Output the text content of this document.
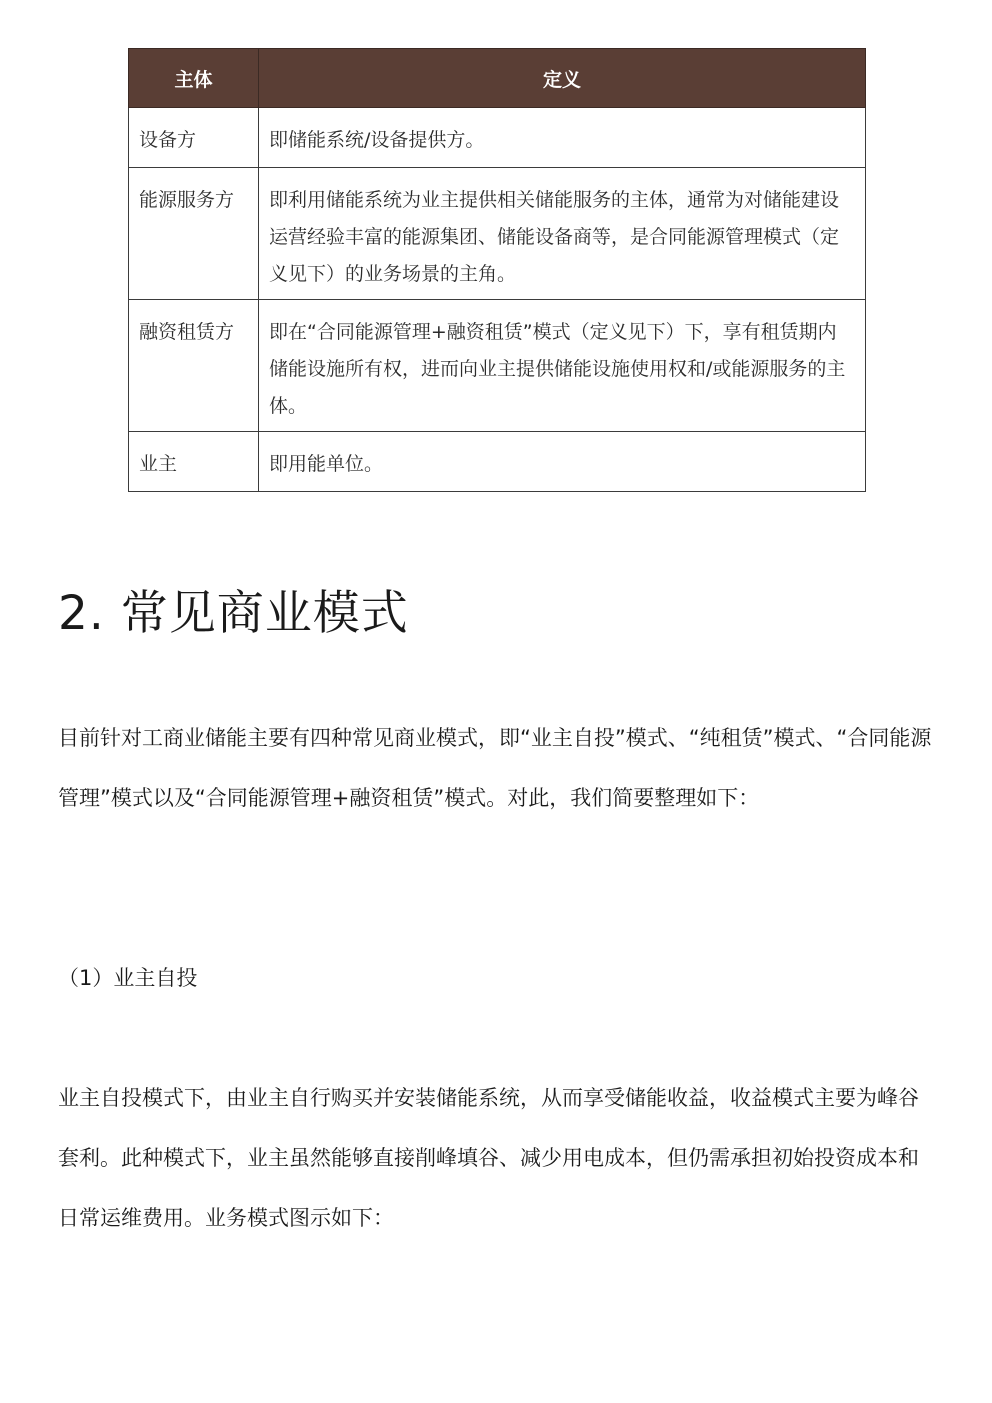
主体	定义
设备方	即储能系统/设备提供方。
能源服务方	即利用储能系统为业主提供相关储能服务的主体，通常为对储能建设运营经验丰富的能源集团、储能设备商等，是合同能源管理模式（定义见下）的业务场景的主角。
融资租赁方	即在“合同能源管理+融资租赁”模式（定义见下）下，享有租赁期内储能设施所有权，进而向业主提供储能设施使用权和/或能源服务的主体。
业主	即用能单位。
2. 常见商业模式

目前针对工商业储能主要有四种常见商业模式，即“业主自投”模式、“纯租赁”模式、“合同能源管理”模式以及“合同能源管理+融资租赁”模式。对此，我们简要整理如下：

（1）业主自投

业主自投模式下，由业主自行购买并安装储能系统，从而享受储能收益，收益模式主要为峰谷套利。此种模式下，业主虽然能够直接削峰填谷、减少用电成本，但仍需承担初始投资成本和日常运维费用。业务模式图示如下：
